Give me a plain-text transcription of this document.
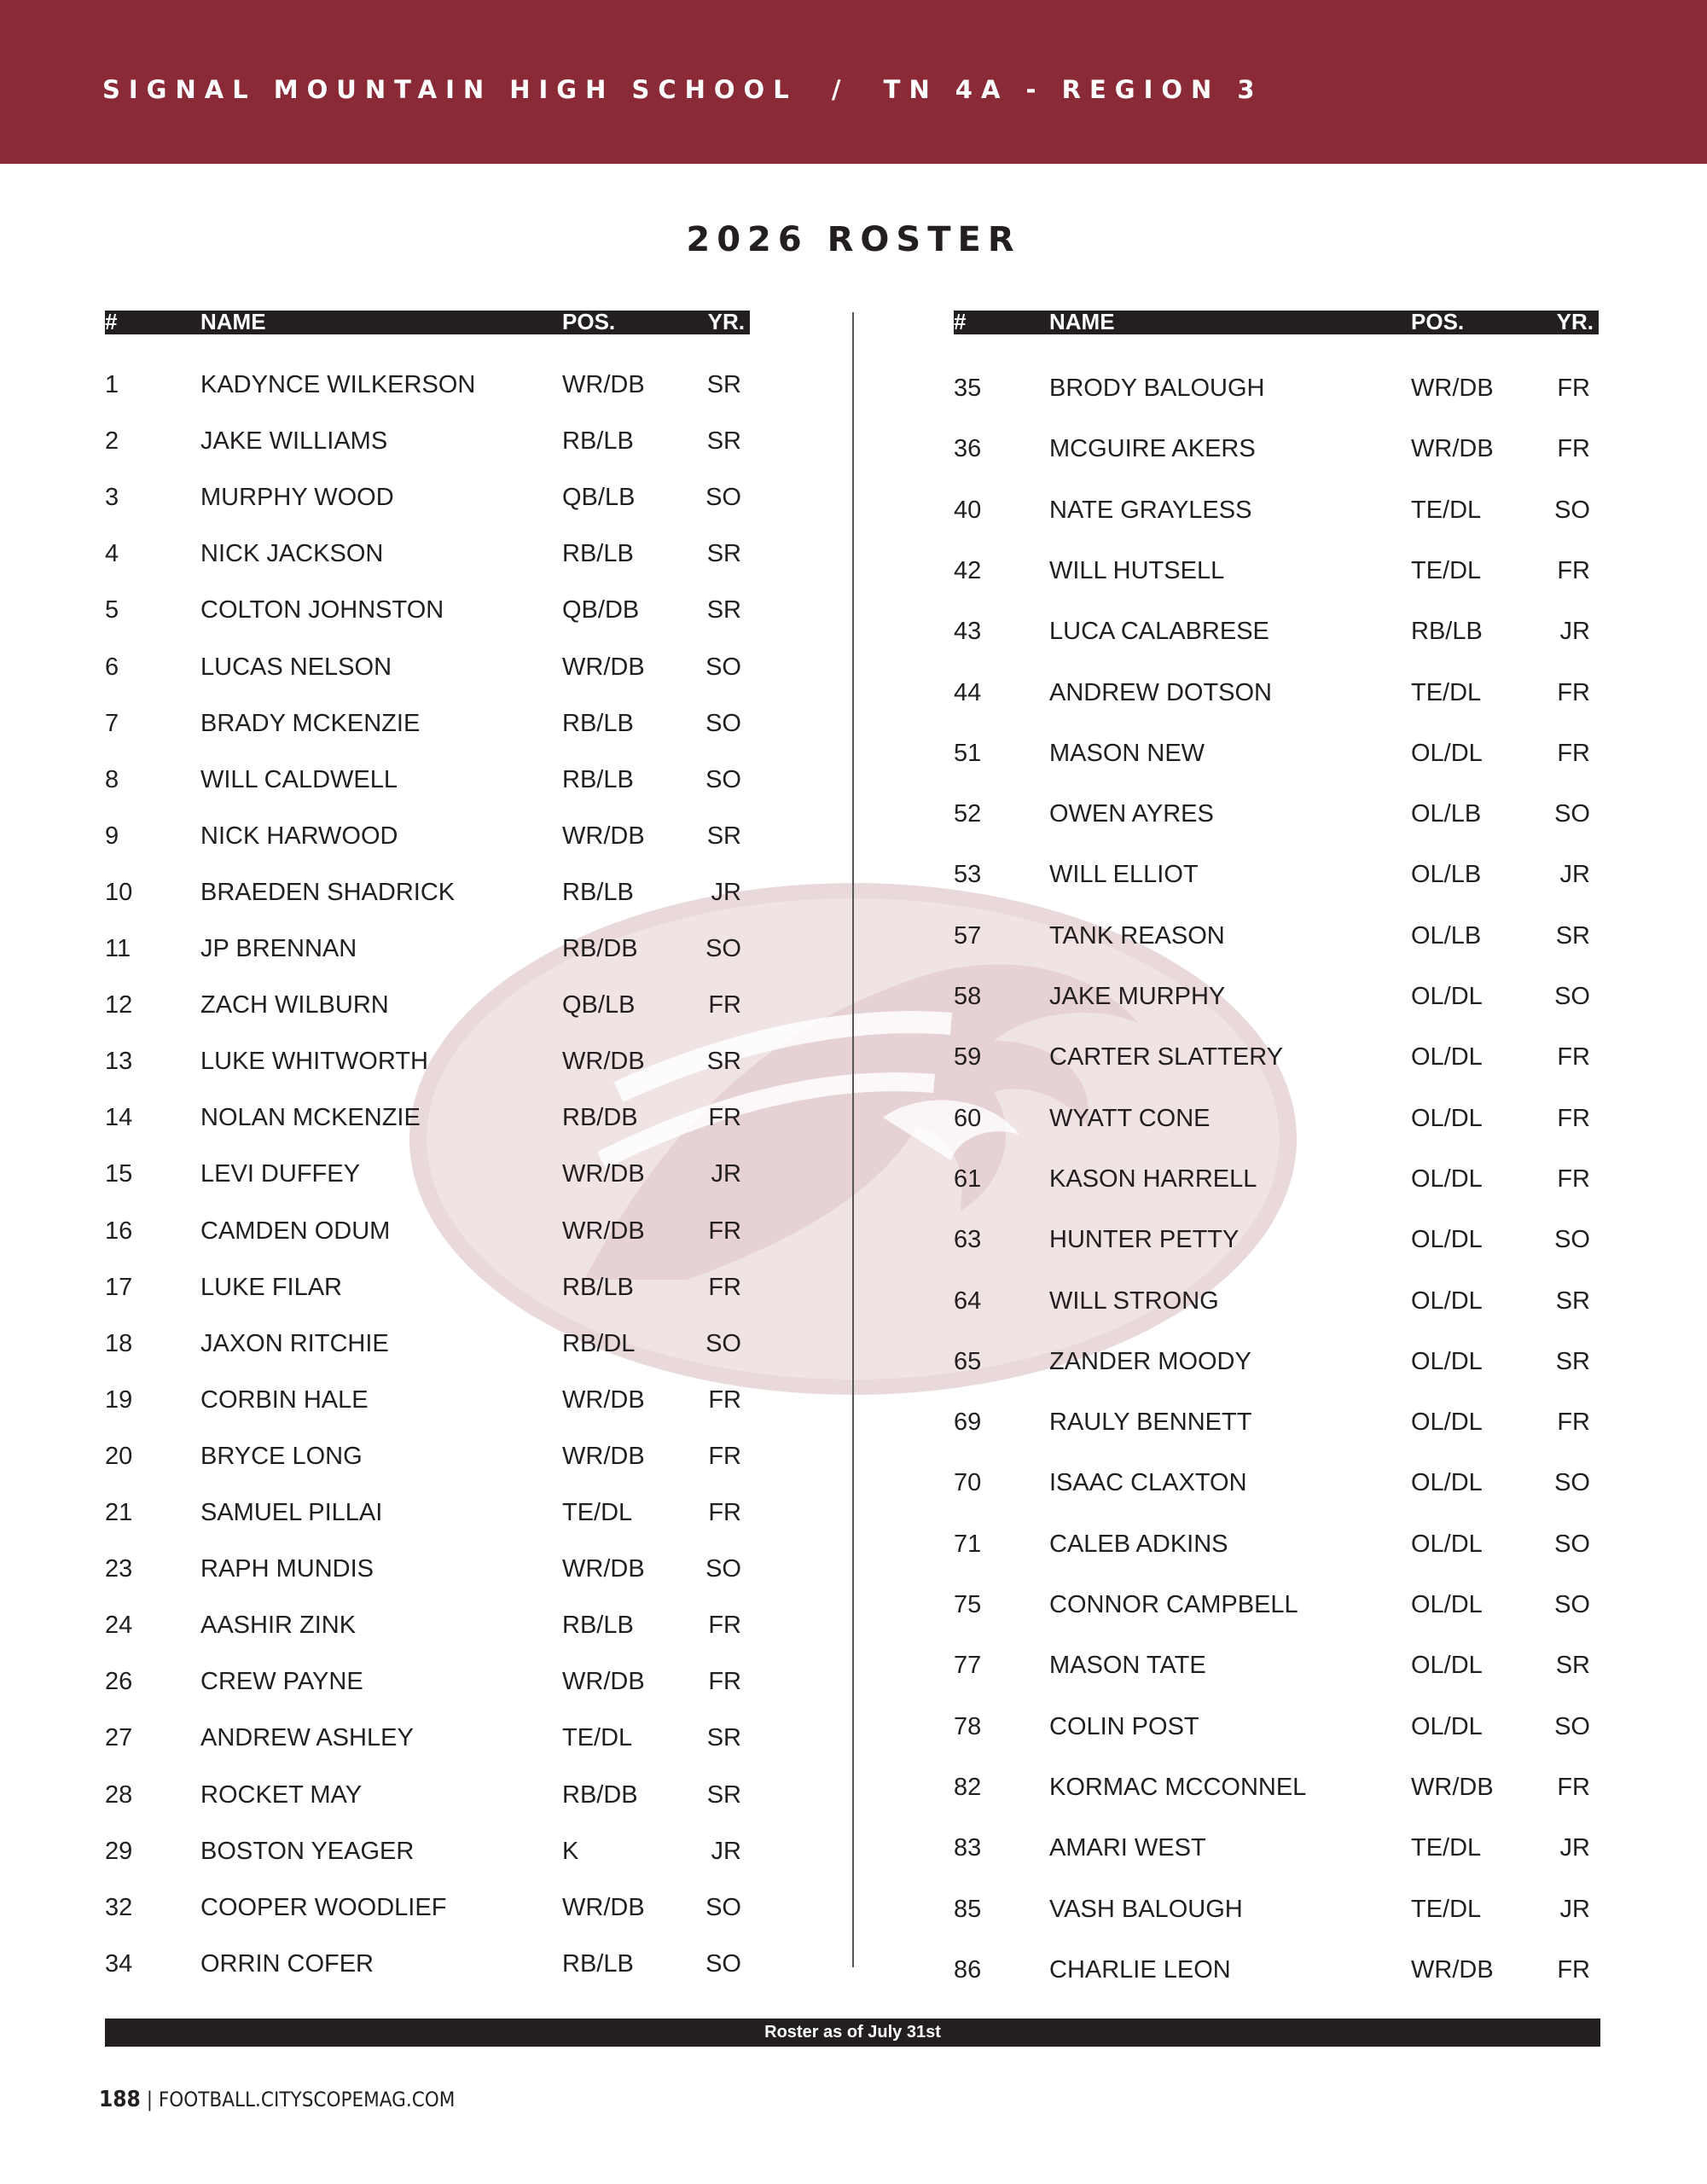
SIGNAL MOUNTAIN HIGH SCHOOL  /  TN 4A - REGION 3
2026 ROSTER
#	NAME	POS.	YR.
1	KADYNCE WILKERSON	WR/DB	SR
2	JAKE WILLIAMS	RB/LB	SR
3	MURPHY WOOD	QB/LB	SO
4	NICK JACKSON	RB/LB	SR
5	COLTON JOHNSTON	QB/DB	SR
6	LUCAS NELSON	WR/DB SO
7	BRADY MCKENZIE	RB/LB	SO
8	WILL CALDWELL	RB/LB	SO
9	NICK HARWOOD	WR/DB	SR
10	BRAEDEN SHADRICK	RB/LB	JR
11	JP BRENNAN	RB/DB	SO
12	ZACH WILBURN	QB/LB	FR
13	LUKE WHITWORTH	WR/DB	SR
14	NOLAN MCKENZIE	RB/DB	FR
15	LEVI DUFFEY	WR/DB	JR
16	CAMDEN ODUM	WR/DB	FR
17	LUKE FILAR	RB/LB	FR
18	JAXON RITCHIE	RB/DL	SO
19	CORBIN HALE	WR/DB	FR
20	BRYCE LONG	WR/DB	FR
21	SAMUEL PILLAI	TE/DL	FR
23	RAPH MUNDIS	WR/DB SO
24	AASHIR ZINK	RB/LB	FR
26	CREW PAYNE	WR/DB	FR
27	ANDREW ASHLEY	TE/DL	SR
28	ROCKET MAY	RB/DB	SR
29	BOSTON YEAGER	K	JR
32	COOPER WOODLIEF	WR/DB SO
34	ORRIN COFER	RB/LB	SO
#	NAME	POS.	YR.
35	BRODY BALOUGH	WR/DB	FR
36	MCGUIRE AKERS	WR/DB	FR
40	NATE GRAYLESS	TE/DL	SO
42	WILL HUTSELL	TE/DL	FR
43	LUCA CALABRESE	RB/LB	JR
44	ANDREW DOTSON	TE/DL	FR
51	MASON NEW	OL/DL	FR
52	OWEN AYRES	OL/LB	SO
53	WILL ELLIOT	OL/LB	JR
57	TANK REASON	OL/LB	SR
58	JAKE MURPHY	OL/DL	SO
59	CARTER SLATTERY	OL/DL	FR
60	WYATT CONE	OL/DL	FR
61	KASON HARRELL	OL/DL	FR
63	HUNTER PETTY	OL/DL	SO
64	WILL STRONG	OL/DL	SR
65	ZANDER MOODY	OL/DL	SR
69	RAULY BENNETT	OL/DL	FR
70	ISAAC CLAXTON	OL/DL	SO
71	CALEB ADKINS	OL/DL	SO
75	CONNOR CAMPBELL	OL/DL	SO
77	MASON TATE	OL/DL	SR
78	COLIN POST	OL/DL	SO
82	KORMAC MCCONNEL	WR/DB	FR
83	AMARI WEST	TE/DL	JR
85	VASH BALOUGH	TE/DL	JR
86	CHARLIE LEON	WR/DB	FR
Roster as of July 31st
188 | FOOTBALL.CITYSCOPEMAG.COM
